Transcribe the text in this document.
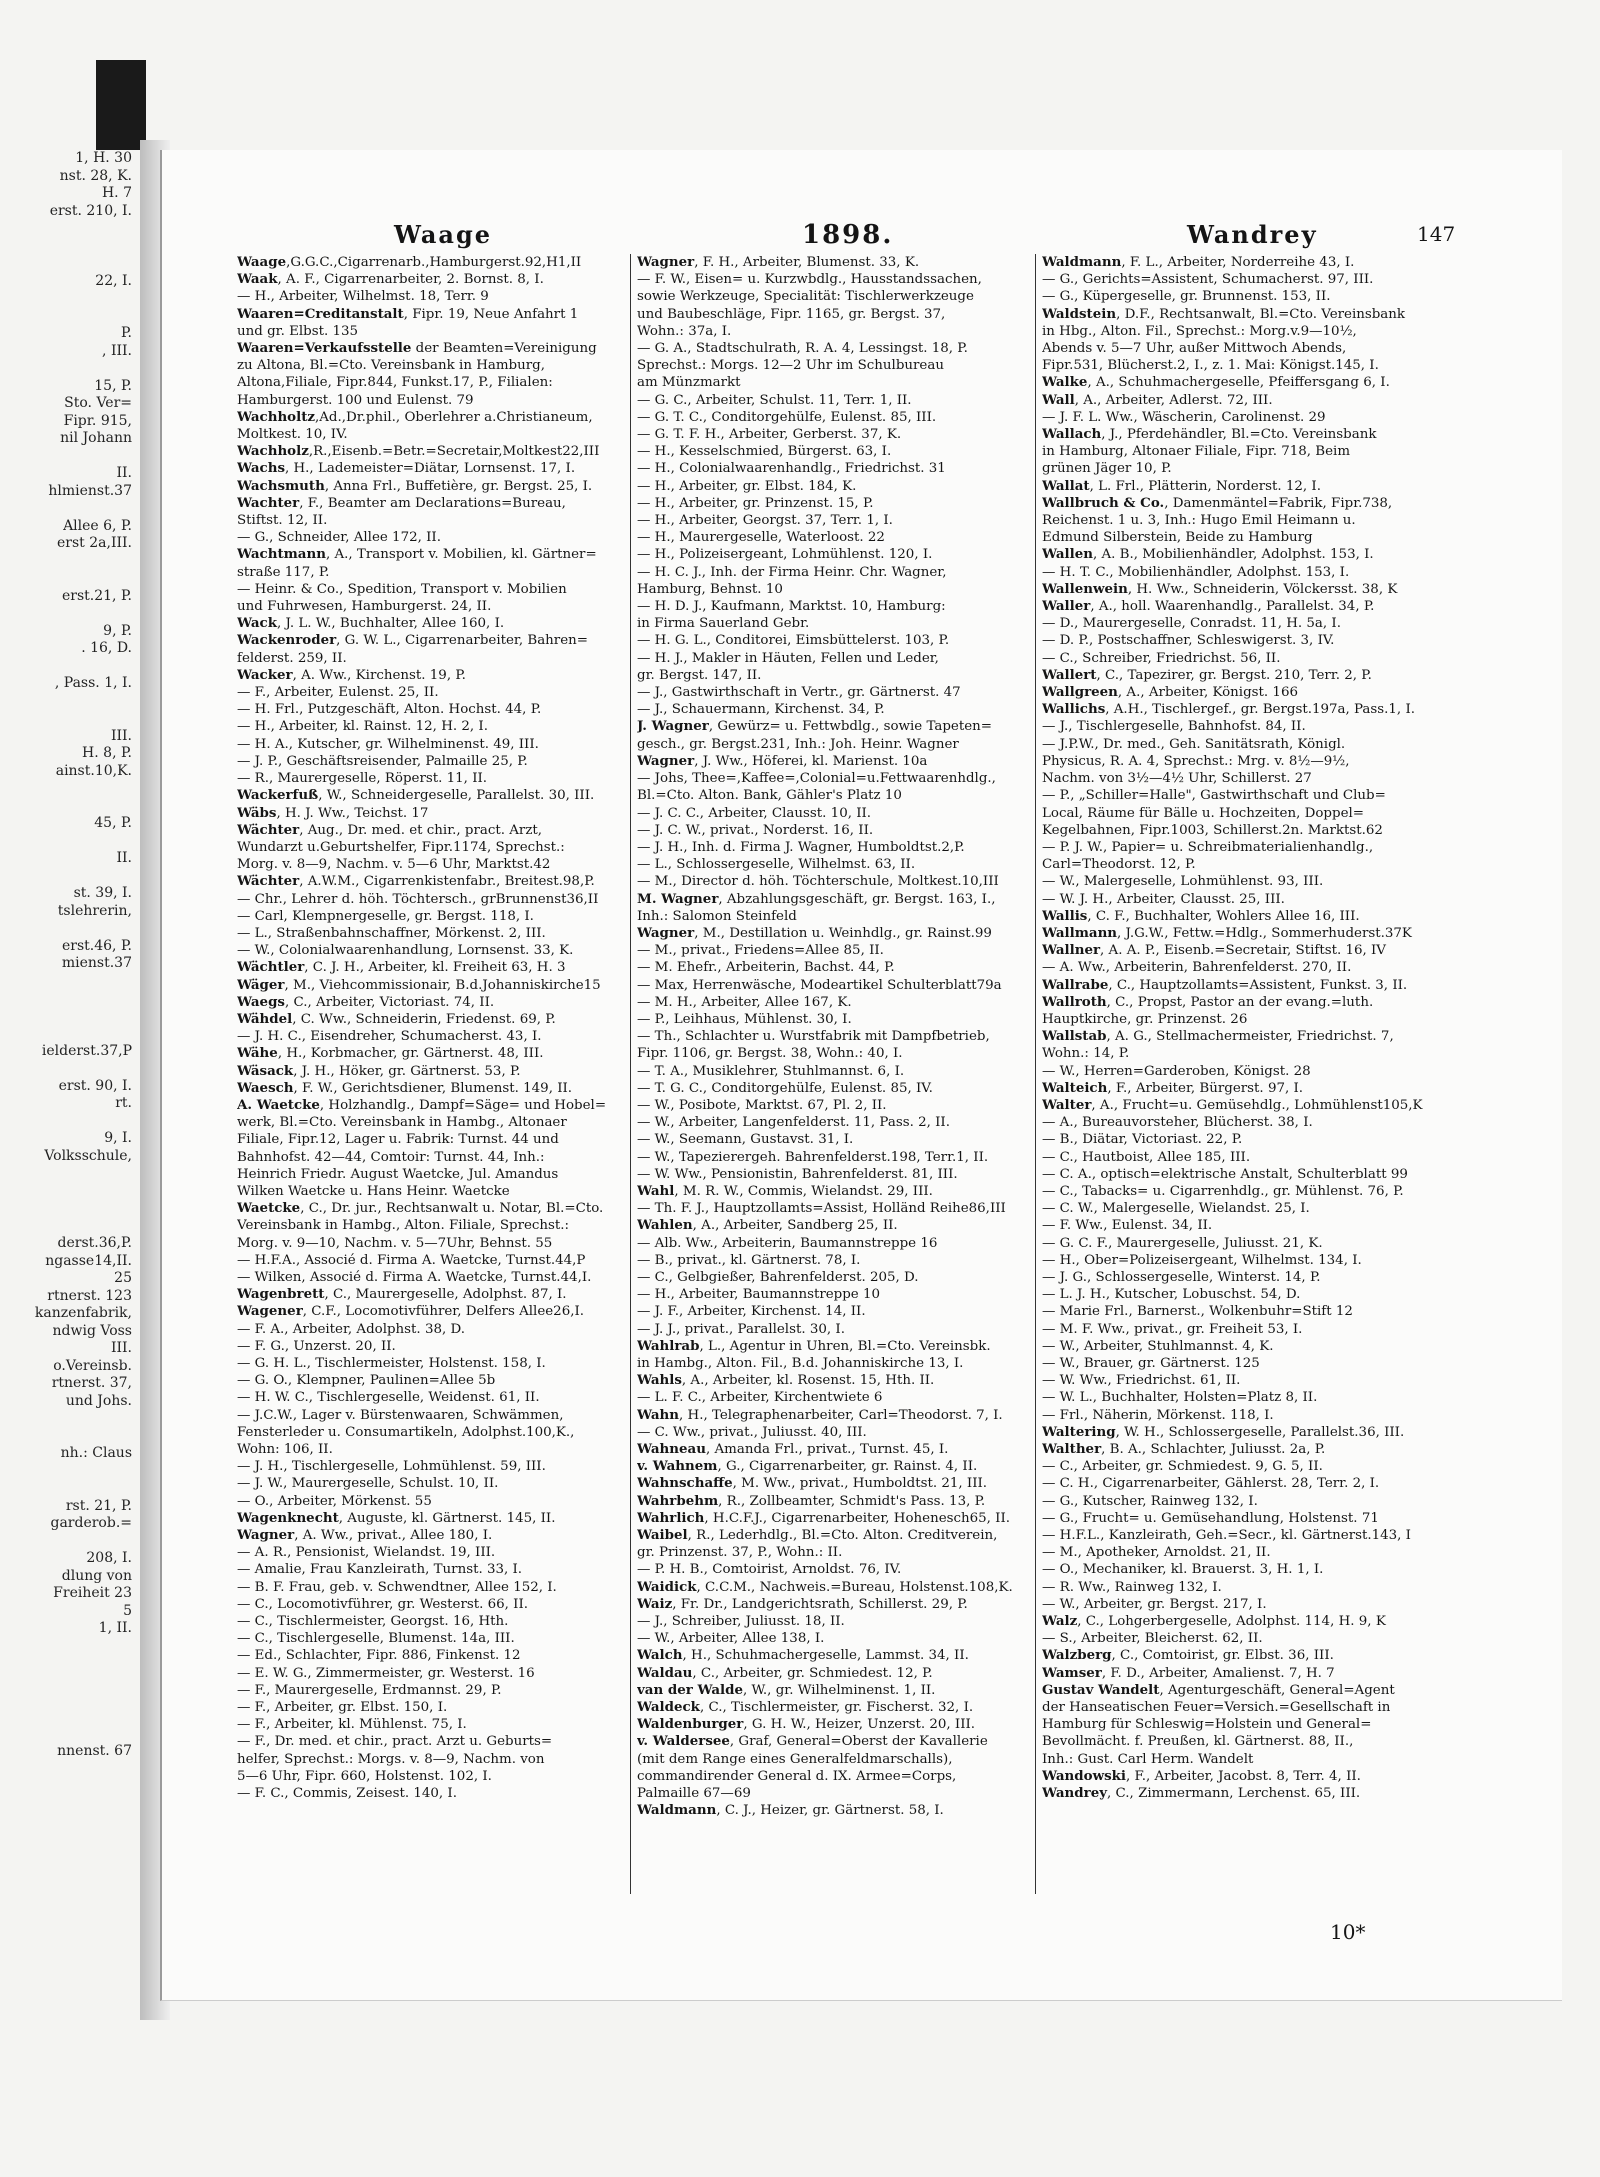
1, H. 30
nst. 28, K.
H. 7
erst. 210, I.
22, I.
P.
, III.
15, P.
Sto. Ver=
Fipr. 915,
nil Johann
II.
hlmienst.37
Allee 6, P.
erst 2a,III.
erst.21, P.
9, P.
. 16, D.
, Pass. 1, I.
III.
H. 8, P.
ainst.10,K.
45, P.
II.
st. 39, I.
tslehrerin,
erst.46, P.
mienst.37
ielderst.37,P
erst. 90, I.
rt.
9, I.
Volksschule,
derst.36,P.
ngasse14,II.
25
rtnerst. 123
kanzenfabrik,
ndwig Voss
III.
o.Vereinsb.
rtnerst. 37,
und Johs.
nh.: Claus
rst. 21, P.
garderob.=
208, I.
dlung von
Freiheit 23
5
1, II.
nnenst. 67
Waage	1898.	Wandrey	147

Waage,G.G.C.,Cigarrenarb.,Hamburgerst.92,H1,II

Waak, A. F., Cigarrenarbeiter, 2. Bornst. 8, I.

— H., Arbeiter, Wilhelmst. 18, Terr. 9

Waaren=Creditanstalt, Fipr. 19, Neue Anfahrt 1

und gr. Elbst. 135

Waaren=Verkaufsstelle der Beamten=Vereinigung

zu Altona, Bl.=Cto. Vereinsbank in Hamburg,

Altona,Filiale, Fipr.844, Funkst.17, P., Filialen:

Hamburgerst. 100 und Eulenst. 79

Wachholtz,Ad.,Dr.phil., Oberlehrer a.Christianeum,

Moltkest. 10, IV.

Wachholz,R.,Eisenb.=Betr.=Secretair,Moltkest22,III

Wachs, H., Lademeister=Diätar, Lornsenst. 17, I.

Wachsmuth, Anna Frl., Buffetière, gr. Bergst. 25, I.

Wachter, F., Beamter am Declarations=Bureau,

Stiftst. 12, II.

— G., Schneider, Allee 172, II.

Wachtmann, A., Transport v. Mobilien, kl. Gärtner=

straße 117, P.

— Heinr. & Co., Spedition, Transport v. Mobilien

und Fuhrwesen, Hamburgerst. 24, II.

Wack, J. L. W., Buchhalter, Allee 160, I.

Wackenroder, G. W. L., Cigarrenarbeiter, Bahren=

felderst. 259, II.

Wacker, A. Ww., Kirchenst. 19, P.

— F., Arbeiter, Eulenst. 25, II.

— H. Frl., Putzgeschäft, Alton. Hochst. 44, P.

— H., Arbeiter, kl. Rainst. 12, H. 2, I.

— H. A., Kutscher, gr. Wilhelminenst. 49, III.

— J. P., Geschäftsreisender, Palmaille 25, P.

— R., Maurergeselle, Röperst. 11, II.

Wackerfuß, W., Schneidergeselle, Parallelst. 30, III.

Wäbs, H. J. Ww., Teichst. 17

Wächter, Aug., Dr. med. et chir., pract. Arzt,

Wundarzt u.Geburtshelfer, Fipr.1174, Sprechst.:

Morg. v. 8—9, Nachm. v. 5—6 Uhr, Marktst.42

Wächter, A.W.M., Cigarrenkistenfabr., Breitest.98,P.

— Chr., Lehrer d. höh. Töchtersch., grBrunnenst36,II

— Carl, Klempnergeselle, gr. Bergst. 118, I.

— L., Straßenbahnschaffner, Mörkenst. 2, III.

— W., Colonialwaarenhandlung, Lornsenst. 33, K.

Wächtler, C. J. H., Arbeiter, kl. Freiheit 63, H. 3

Wäger, M., Viehcommissionair, B.d.Johanniskirche15

Waegs, C., Arbeiter, Victoriast. 74, II.

Wähdel, C. Ww., Schneiderin, Friedenst. 69, P.

— J. H. C., Eisendreher, Schumacherst. 43, I.

Wähe, H., Korbmacher, gr. Gärtnerst. 48, III.

Wäsack, J. H., Höker, gr. Gärtnerst. 53, P.

Waesch, F. W., Gerichtsdiener, Blumenst. 149, II.

A. Waetcke, Holzhandlg., Dampf=Säge= und Hobel=

werk, Bl.=Cto. Vereinsbank in Hambg., Altonaer

Filiale, Fipr.12, Lager u. Fabrik: Turnst. 44 und

Bahnhofst. 42—44, Comtoir: Turnst. 44, Inh.:

Heinrich Friedr. August Waetcke, Jul. Amandus

Wilken Waetcke u. Hans Heinr. Waetcke

Waetcke, C., Dr. jur., Rechtsanwalt u. Notar, Bl.=Cto.

Vereinsbank in Hambg., Alton. Filiale, Sprechst.:

Morg. v. 9—10, Nachm. v. 5—7Uhr, Behnst. 55

— H.F.A., Associé d. Firma A. Waetcke, Turnst.44,P

— Wilken, Associé d. Firma A. Waetcke, Turnst.44,I.

Wagenbrett, C., Maurergeselle, Adolphst. 87, I.

Wagener, C.F., Locomotivführer, Delfers Allee26,I.

— F. A., Arbeiter, Adolphst. 38, D.

— F. G., Unzerst. 20, II.

— G. H. L., Tischlermeister, Holstenst. 158, I.

— G. O., Klempner, Paulinen=Allee 5b

— H. W. C., Tischlergeselle, Weidenst. 61, II.

— J.C.W., Lager v. Bürstenwaaren, Schwämmen,

Fensterleder u. Consumartikeln, Adolphst.100,K.,

Wohn: 106, II.

— J. H., Tischlergeselle, Lohmühlenst. 59, III.

— J. W., Maurergeselle, Schulst. 10, II.

— O., Arbeiter, Mörkenst. 55

Wagenknecht, Auguste, kl. Gärtnerst. 145, II.

Wagner, A. Ww., privat., Allee 180, I.

— A. R., Pensionist, Wielandst. 19, III.

— Amalie, Frau Kanzleirath, Turnst. 33, I.

— B. F. Frau, geb. v. Schwendtner, Allee 152, I.

— C., Locomotivführer, gr. Westerst. 66, II.

— C., Tischlermeister, Georgst. 16, Hth.

— C., Tischlergeselle, Blumenst. 14a, III.

— Ed., Schlachter, Fipr. 886, Finkenst. 12

— E. W. G., Zimmermeister, gr. Westerst. 16

— F., Maurergeselle, Erdmannst. 29, P.

— F., Arbeiter, gr. Elbst. 150, I.

— F., Arbeiter, kl. Mühlenst. 75, I.

— F., Dr. med. et chir., pract. Arzt u. Geburts=

helfer, Sprechst.: Morgs. v. 8—9, Nachm. von

5—6 Uhr, Fipr. 660, Holstenst. 102, I.

— F. C., Commis, Zeisest. 140, I.

Wagner, F. H., Arbeiter, Blumenst. 33, K.

— F. W., Eisen= u. Kurzwbdlg., Hausstandssachen,

sowie Werkzeuge, Specialität: Tischlerwerkzeuge

und Baubeschläge, Fipr. 1165, gr. Bergst. 37,

Wohn.: 37a, I.

— G. A., Stadtschulrath, R. A. 4, Lessingst. 18, P.

Sprechst.: Morgs. 12—2 Uhr im Schulbureau

am Münzmarkt

— G. C., Arbeiter, Schulst. 11, Terr. 1, II.

— G. T. C., Conditorgehülfe, Eulenst. 85, III.

— G. T. F. H., Arbeiter, Gerberst. 37, K.

— H., Kesselschmied, Bürgerst. 63, I.

— H., Colonialwaarenhandlg., Friedrichst. 31

— H., Arbeiter, gr. Elbst. 184, K.

— H., Arbeiter, gr. Prinzenst. 15, P.

— H., Arbeiter, Georgst. 37, Terr. 1, I.

— H., Maurergeselle, Waterloost. 22

— H., Polizeisergeant, Lohmühlenst. 120, I.

— H. C. J., Inh. der Firma Heinr. Chr. Wagner,

Hamburg, Behnst. 10

— H. D. J., Kaufmann, Marktst. 10, Hamburg:

in Firma Sauerland Gebr.

— H. G. L., Conditorei, Eimsbüttelerst. 103, P.

— H. J., Makler in Häuten, Fellen und Leder,

gr. Bergst. 147, II.

— J., Gastwirthschaft in Vertr., gr. Gärtnerst. 47

— J., Schauermann, Kirchenst. 34, P.

J. Wagner, Gewürz= u. Fettwbdlg., sowie Tapeten=

gesch., gr. Bergst.231, Inh.: Joh. Heinr. Wagner

Wagner, J. Ww., Höferei, kl. Marienst. 10a

— Johs, Thee=,Kaffee=,Colonial=u.Fettwaarenhdlg.,

Bl.=Cto. Alton. Bank, Gähler's Platz 10

— J. C. C., Arbeiter, Clausst. 10, II.

— J. C. W., privat., Norderst. 16, II.

— J. H., Inh. d. Firma J. Wagner, Humboldtst.2,P.

— L., Schlossergeselle, Wilhelmst. 63, II.

— M., Director d. höh. Töchterschule, Moltkest.10,III

M. Wagner, Abzahlungsgeschäft, gr. Bergst. 163, I.,

Inh.: Salomon Steinfeld

Wagner, M., Destillation u. Weinhdlg., gr. Rainst.99

— M., privat., Friedens=Allee 85, II.

— M. Ehefr., Arbeiterin, Bachst. 44, P.

— Max, Herrenwäsche, Modeartikel Schulterblatt79a

— M. H., Arbeiter, Allee 167, K.

— P., Leihhaus, Mühlenst. 30, I.

— Th., Schlachter u. Wurstfabrik mit Dampfbetrieb,

Fipr. 1106, gr. Bergst. 38, Wohn.: 40, I.

— T. A., Musiklehrer, Stuhlmannst. 6, I.

— T. G. C., Conditorgehülfe, Eulenst. 85, IV.

— W., Posibote, Marktst. 67, Pl. 2, II.

— W., Arbeiter, Langenfelderst. 11, Pass. 2, II.

— W., Seemann, Gustavst. 31, I.

— W., Tapezierergeh. Bahrenfelderst.198, Terr.1, II.

— W. Ww., Pensionistin, Bahrenfelderst. 81, III.

Wahl, M. R. W., Commis, Wielandst. 29, III.

— Th. F. J., Hauptzollamts=Assist, Holländ Reihe86,III

Wahlen, A., Arbeiter, Sandberg 25, II.

— Alb. Ww., Arbeiterin, Baumannstreppe 16

— B., privat., kl. Gärtnerst. 78, I.

— C., Gelbgießer, Bahrenfelderst. 205, D.

— H., Arbeiter, Baumannstreppe 10

— J. F., Arbeiter, Kirchenst. 14, II.

— J. J., privat., Parallelst. 30, I.

Wahlrab, L., Agentur in Uhren, Bl.=Cto. Vereinsbk.

in Hambg., Alton. Fil., B.d. Johanniskirche 13, I.

Wahls, A., Arbeiter, kl. Rosenst. 15, Hth. II.

— L. F. C., Arbeiter, Kirchentwiete 6

Wahn, H., Telegraphenarbeiter, Carl=Theodorst. 7, I.

— C. Ww., privat., Juliusst. 40, III.

Wahneau, Amanda Frl., privat., Turnst. 45, I.

v. Wahnem, G., Cigarrenarbeiter, gr. Rainst. 4, II.

Wahnschaffe, M. Ww., privat., Humboldtst. 21, III.

Wahrbehm, R., Zollbeamter, Schmidt's Pass. 13, P.

Wahrlich, H.C.F.J., Cigarrenarbeiter, Hohenesch65, II.

Waibel, R., Lederhdlg., Bl.=Cto. Alton. Creditverein,

gr. Prinzenst. 37, P., Wohn.: II.

— P. H. B., Comtoirist, Arnoldst. 76, IV.

Waidick, C.C.M., Nachweis.=Bureau, Holstenst.108,K.

Waiz, Fr. Dr., Landgerichtsrath, Schillerst. 29, P.

— J., Schreiber, Juliusst. 18, II.

— W., Arbeiter, Allee 138, I.

Walch, H., Schuhmachergeselle, Lammst. 34, II.

Waldau, C., Arbeiter, gr. Schmiedest. 12, P.

van der Walde, W., gr. Wilhelminenst. 1, II.

Waldeck, C., Tischlermeister, gr. Fischerst. 32, I.

Waldenburger, G. H. W., Heizer, Unzerst. 20, III.

v. Waldersee, Graf, General=Oberst der Kavallerie

(mit dem Range eines Generalfeldmarschalls),

commandirender General d. IX. Armee=Corps,

Palmaille 67—69

Waldmann, C. J., Heizer, gr. Gärtnerst. 58, I.

Waldmann, F. L., Arbeiter, Norderreihe 43, I.

— G., Gerichts=Assistent, Schumacherst. 97, III.

— G., Küpergeselle, gr. Brunnenst. 153, II.

Waldstein, D.F., Rechtsanwalt, Bl.=Cto. Vereinsbank

in Hbg., Alton. Fil., Sprechst.: Morg.v.9—10½,

Abends v. 5—7 Uhr, außer Mittwoch Abends,

Fipr.531, Blücherst.2, I., z. 1. Mai: Königst.145, I.

Walke, A., Schuhmachergeselle, Pfeiffersgang 6, I.

Wall, A., Arbeiter, Adlerst. 72, III.

— J. F. L. Ww., Wäscherin, Carolinenst. 29

Wallach, J., Pferdehändler, Bl.=Cto. Vereinsbank

in Hamburg, Altonaer Filiale, Fipr. 718, Beim

grünen Jäger 10, P.

Wallat, L. Frl., Plätterin, Norderst. 12, I.

Wallbruch & Co., Damenmäntel=Fabrik, Fipr.738,

Reichenst. 1 u. 3, Inh.: Hugo Emil Heimann u.

Edmund Silberstein, Beide zu Hamburg

Wallen, A. B., Mobilienhändler, Adolphst. 153, I.

— H. T. C., Mobilienhändler, Adolphst. 153, I.

Wallenwein, H. Ww., Schneiderin, Völckersst. 38, K

Waller, A., holl. Waarenhandlg., Parallelst. 34, P.

— D., Maurergeselle, Conradst. 11, H. 5a, I.

— D. P., Postschaffner, Schleswigerst. 3, IV.

— C., Schreiber, Friedrichst. 56, II.

Wallert, C., Tapezirer, gr. Bergst. 210, Terr. 2, P.

Wallgreen, A., Arbeiter, Königst. 166

Wallichs, A.H., Tischlergef., gr. Bergst.197a, Pass.1, I.

— J., Tischlergeselle, Bahnhofst. 84, II.

— J.P.W., Dr. med., Geh. Sanitätsrath, Königl.

Physicus, R. A. 4, Sprechst.: Mrg. v. 8½—9½,

Nachm. von 3½—4½ Uhr, Schillerst. 27

— P., „Schiller=Halle", Gastwirthschaft und Club=

Local, Räume für Bälle u. Hochzeiten, Doppel=

Kegelbahnen, Fipr.1003, Schillerst.2n. Marktst.62

— P. J. W., Papier= u. Schreibmaterialienhandlg.,

Carl=Theodorst. 12, P.

— W., Malergeselle, Lohmühlenst. 93, III.

— W. J. H., Arbeiter, Clausst. 25, III.

Wallis, C. F., Buchhalter, Wohlers Allee 16, III.

Wallmann, J.G.W., Fettw.=Hdlg., Sommerhuderst.37K

Wallner, A. A. P., Eisenb.=Secretair, Stiftst. 16, IV

— A. Ww., Arbeiterin, Bahrenfelderst. 270, II.

Wallrabe, C., Hauptzollamts=Assistent, Funkst. 3, II.

Wallroth, C., Propst, Pastor an der evang.=luth.

Hauptkirche, gr. Prinzenst. 26

Wallstab, A. G., Stellmachermeister, Friedrichst. 7,

Wohn.: 14, P.

— W., Herren=Garderoben, Königst. 28

Walteich, F., Arbeiter, Bürgerst. 97, I.

Walter, A., Frucht=u. Gemüsehdlg., Lohmühlenst105,K

— A., Bureauvorsteher, Blücherst. 38, I.

— B., Diätar, Victoriast. 22, P.

— C., Hautboist, Allee 185, III.

— C. A., optisch=elektrische Anstalt, Schulterblatt 99

— C., Tabacks= u. Cigarrenhdlg., gr. Mühlenst. 76, P.

— C. W., Malergeselle, Wielandst. 25, I.

— F. Ww., Eulenst. 34, II.

— G. C. F., Maurergeselle, Juliusst. 21, K.

— H., Ober=Polizeisergeant, Wilhelmst. 134, I.

— J. G., Schlossergeselle, Winterst. 14, P.

— L. J. H., Kutscher, Lobuschst. 54, D.

— Marie Frl., Barnerst., Wolkenbuhr=Stift 12

— M. F. Ww., privat., gr. Freiheit 53, I.

— W., Arbeiter, Stuhlmannst. 4, K.

— W., Brauer, gr. Gärtnerst. 125

— W. Ww., Friedrichst. 61, II.

— W. L., Buchhalter, Holsten=Platz 8, II.

— Frl., Näherin, Mörkenst. 118, I.

Waltering, W. H., Schlossergeselle, Parallelst.36, III.

Walther, B. A., Schlachter, Juliusst. 2a, P.

— C., Arbeiter, gr. Schmiedest. 9, G. 5, II.

— C. H., Cigarrenarbeiter, Gählerst. 28, Terr. 2, I.

— G., Kutscher, Rainweg 132, I.

— G., Frucht= u. Gemüsehandlung, Holstenst. 71

— H.F.L., Kanzleirath, Geh.=Secr., kl. Gärtnerst.143, I

— M., Apotheker, Arnoldst. 21, II.

— O., Mechaniker, kl. Brauerst. 3, H. 1, I.

— R. Ww., Rainweg 132, I.

— W., Arbeiter, gr. Bergst. 217, I.

Walz, C., Lohgerbergeselle, Adolphst. 114, H. 9, K

— S., Arbeiter, Bleicherst. 62, II.

Walzberg, C., Comtoirist, gr. Elbst. 36, III.

Wamser, F. D., Arbeiter, Amalienst. 7, H. 7

Gustav Wandelt, Agenturgeschäft, General=Agent

der Hanseatischen Feuer=Versich.=Gesellschaft in

Hamburg für Schleswig=Holstein und General=

Bevollmächt. f. Preußen, kl. Gärtnerst. 88, II.,

Inh.: Gust. Carl Herm. Wandelt

Wandowski, F., Arbeiter, Jacobst. 8, Terr. 4, II.

Wandrey, C., Zimmermann, Lerchenst. 65, III.

10*
